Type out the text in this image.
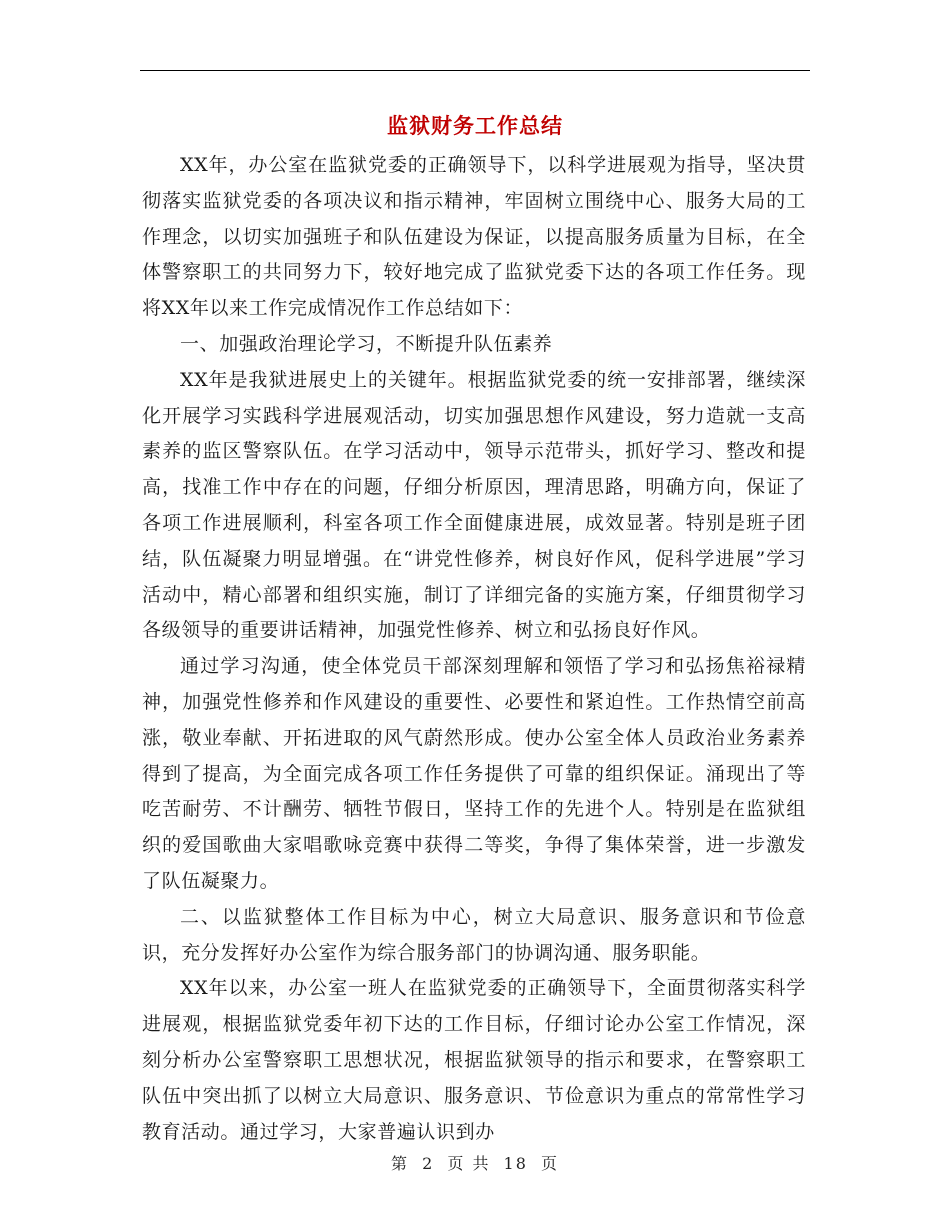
监狱财务工作总结

XX年，办公室在监狱党委的正确领导下，以科学进展观为指导，坚决贯彻落实监狱党委的各项决议和指示精神，牢固树立围绕中心、服务大局的工作理念，以切实加强班子和队伍建设为保证，以提高服务质量为目标，在全体警察职工的共同努力下，较好地完成了监狱党委下达的各项工作任务。现将XX年以来工作完成情况作工作总结如下：

一、加强政治理论学习，不断提升队伍素养

XX年是我狱进展史上的关键年。根据监狱党委的统一安排部署，继续深化开展学习实践科学进展观活动，切实加强思想作风建设，努力造就一支高素养的监区警察队伍。在学习活动中，领导示范带头，抓好学习、整改和提高，找准工作中存在的问题，仔细分析原因，理清思路，明确方向，保证了各项工作进展顺利，科室各项工作全面健康进展，成效显著。特别是班子团结，队伍凝聚力明显增强。在“讲党性修养，树良好作风，促科学进展”学习活动中，精心部署和组织实施，制订了详细完备的实施方案，仔细贯彻学习各级领导的重要讲话精神，加强党性修养、树立和弘扬良好作风。

通过学习沟通，使全体党员干部深刻理解和领悟了学习和弘扬焦裕禄精神，加强党性修养和作风建设的重要性、必要性和紧迫性。工作热情空前高涨，敬业奉献、开拓进取的风气蔚然形成。使办公室全体人员政治业务素养得到了提高，为全面完成各项工作任务提供了可靠的组织保证。涌现出了等吃苦耐劳、不计酬劳、牺牲节假日，坚持工作的先进个人。特别是在监狱组织的爱国歌曲大家唱歌咏竞赛中获得二等奖，争得了集体荣誉，进一步激发了队伍凝聚力。

二、以监狱整体工作目标为中心，树立大局意识、服务意识和节俭意识，充分发挥好办公室作为综合服务部门的协调沟通、服务职能。

XX年以来，办公室一班人在监狱党委的正确领导下，全面贯彻落实科学进展观，根据监狱党委年初下达的工作目标，仔细讨论办公室工作情况，深刻分析办公室警察职工思想状况，根据监狱领导的指示和要求，在警察职工队伍中突出抓了以树立大局意识、服务意识、节俭意识为重点的常常性学习教育活动。通过学习，大家普遍认识到办

第 2 页 共 18 页
